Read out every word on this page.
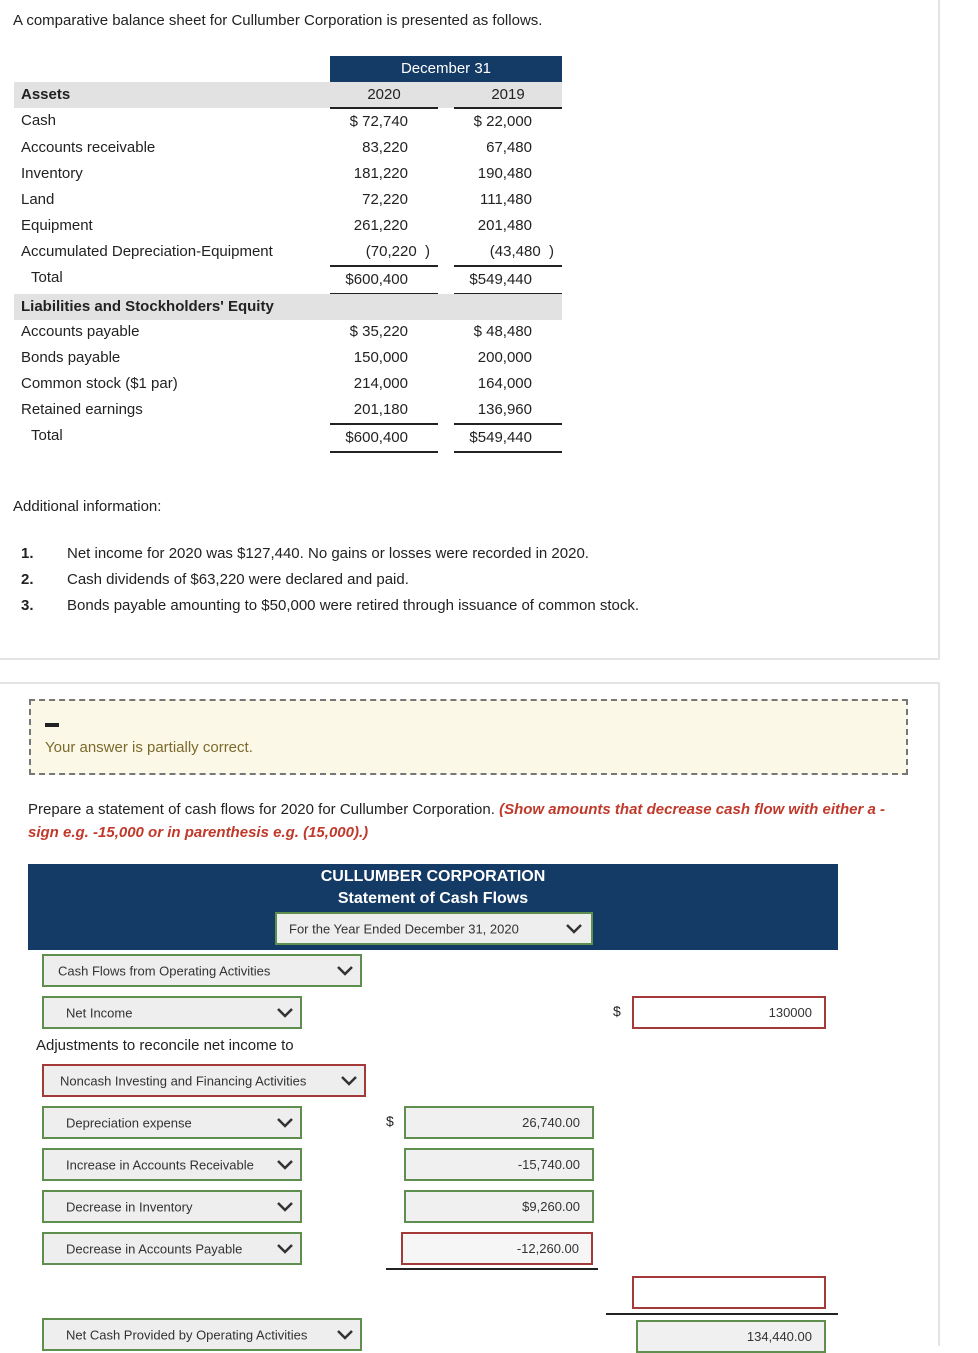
A comparative balance sheet for Cullumber Corporation is presented as follows.
December 31
Assets	2020	2019
Cash	$ 72,740	$ 22,000
Accounts receivable	83,220	67,480
Inventory	181,220	190,480
Land	72,220	111,480
Equipment	261,220	201,480
Accumulated Depreciation-Equipment	(70,220  )	(43,480  )
Total	$600,400	$549,440
Liabilities and Stockholders' Equity
Accounts payable	$ 35,220	$ 48,480
Bonds payable	150,000	200,000
Common stock ($1 par)	214,000	164,000
Retained earnings	201,180	136,960
Total	$600,400	$549,440
Additional information:
1. Net income for 2020 was $127,440. No gains or losses were recorded in 2020.
2. Cash dividends of $63,220 were declared and paid.
3. Bonds payable amounting to $50,000 were retired through issuance of common stock.
Your answer is partially correct.
Prepare a statement of cash flows for 2020 for Cullumber Corporation. (Show amounts that decrease cash flow with either a - sign e.g. -15,000 or in parenthesis e.g. (15,000).)
CULLUMBER CORPORATION
Statement of Cash Flows
For the Year Ended December 31, 2020
Cash Flows from Operating Activities
Net Income	$	130000
Adjustments to reconcile net income to
Noncash Investing and Financing Activities
Depreciation expense	$	26,740.00
Increase in Accounts Receivable	-15,740.00
Decrease in Inventory	$9,260.00
Decrease in Accounts Payable	-12,260.00
Net Cash Provided by Operating Activities	134,440.00
